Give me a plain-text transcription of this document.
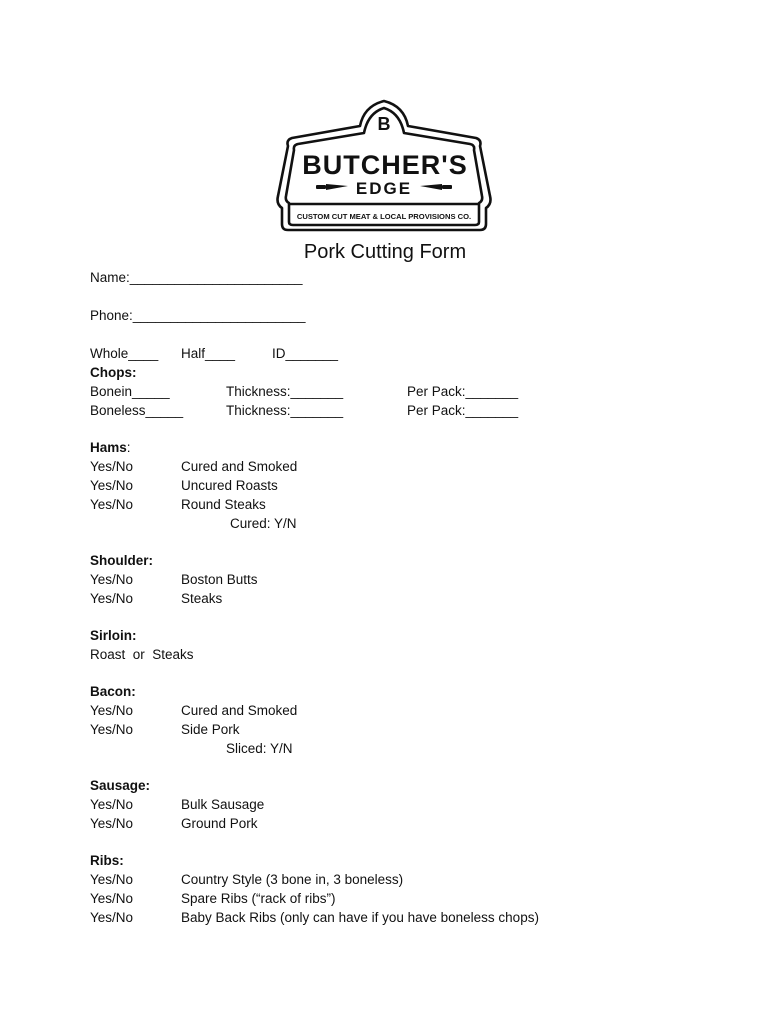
B
BUTCHER'S
EDGE
CUSTOM CUT MEAT & LOCAL PROVISIONS CO.
Pork Cutting Form
Name:_______________________
Phone:_______________________
Whole____ Half____	ID_______
Chops:
Bonein_____	Thickness:_______	Per Pack:_______
Boneless_____	Thickness:_______	Per Pack:_______
Hams:
Yes/No	Cured and Smoked
Yes/No	Uncured Roasts
Yes/No	Round Steaks
Cured: Y/N
Shoulder:
Yes/No	Boston Butts
Yes/No	Steaks
Sirloin:
Roast  or  Steaks
Bacon:
Yes/No	Cured and Smoked
Yes/No	Side Pork
Sliced: Y/N
Sausage:
Yes/No	Bulk Sausage
Yes/No	Ground Pork
Ribs:
Yes/No	Country Style (3 bone in, 3 boneless)
Yes/No	Spare Ribs (“rack of ribs”)
Yes/No	Baby Back Ribs (only can have if you have boneless chops)
